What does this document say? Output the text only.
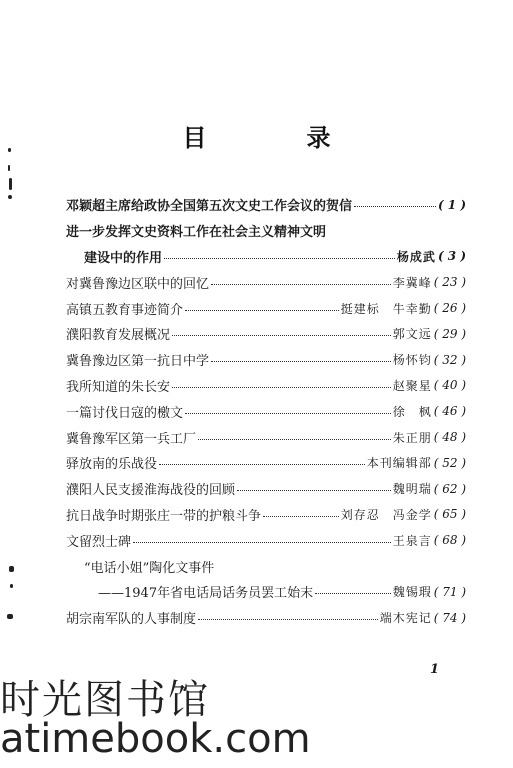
目　录
邓颖超主席给政协全国第五次文史工作会议的贺信	( 1 )
进一步发挥文史资料工作在社会主义精神文明
建设中的作用	杨成武 ( 3 )
对冀鲁豫边区联中的回忆	李冀峰 ( 23 )
高镇五教育事迹简介	挺建标　牛幸勤 ( 26 )
濮阳教育发展概况	郭文远 ( 29 )
冀鲁豫边区第一抗日中学	杨怀钧 ( 32 )
我所知道的朱长安	赵聚星 ( 40 )
一篇讨伐日寇的檄文	徐　枫 ( 46 )
冀鲁豫军区第一兵工厂	朱正朋 ( 48 )
驿放南的乐战役	本刊编辑部 ( 52 )
濮阳人民支援淮海战役的回顾	魏明瑞 ( 62 )
抗日战争时期张庄一带的护粮斗争	刘存忍　冯金学 ( 65 )
文留烈士碑	王泉言 ( 68 )
“电话小姐”陶化文事件
——1947年省电话局话务员罢工始末	魏锡瑕 ( 71 )
胡宗南军队的人事制度	端木宪记 ( 74 )
1
时光图书馆
atimebook.com
